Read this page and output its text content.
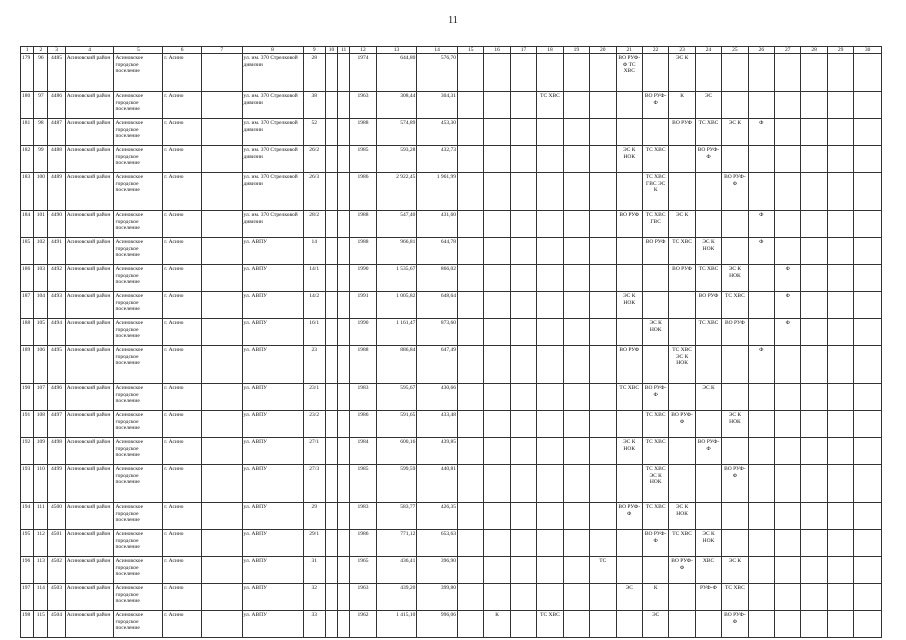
11
1	2	3	4	5	6	7	8	9	10	11	12	13	14	15	16	17	18	19	20	21	22	23	24	25	26	27	28	29	30
179	96	4485	Асиновский район	Асиновское городское поселение	г. Асино		ул. им. 370 Стрелковой дивизии	28			1974	644,80	576,70							ВО РУФ-Ф ТС ХВС		ЭС К							
180	97	4486	Асиновский район	Асиновское городское поселение	г. Асино		ул. им. 370 Стрелковой дивизии	38			1963	308,44	304,31				ТС ХВС				ВО РУФ-Ф	К	ЭС						
181	98	4487	Асиновский район	Асиновское городское поселение	г. Асино		ул. им. 370 Стрелковой дивизии	52			1988	574,89	453,30									ВО РУФ	ТС ХВС	ЭС К	Ф				
182	99	4488	Асиновский район	Асиновское городское поселение	г. Асино		ул. им. 370 Стрелковой дивизии	26/2			1985	593,28	432,73							ЭС К НОК	ТС ХВС		ВО РУФ-Ф						
183	100	4489	Асиновский район	Асиновское городское поселение	г. Асино		ул. им. 370 Стрелковой дивизии	26/3			1986	2 922,45	1 961,99								ТС ХВС ГВС ЭС К			ВО РУФ-Ф					
184	101	4490	Асиновский район	Асиновское городское поселение	г. Асино		ул. им. 370 Стрелковой дивизии	28/2			1988	547,40	431,60							ВО РУФ	ТС ХВС ГВС	ЭС К			Ф				
185	102	4491	Асиновский район	Асиновское городское поселение	г. Асино		ул. АВПУ	14			1988	966,81	644,78								ВО РУФ	ТС ХВС	ЭС К НОК		Ф				
186	103	4492	Асиновский район	Асиновское городское поселение	г. Асино		ул. АВПУ	14/1			1990	1 535,67	866,02									ВО РУФ	ТС ХВС	ЭС К НОК		Ф			
187	104	4493	Асиновский район	Асиновское городское поселение	г. Асино		ул. АВПУ	14/2			1991	1 005,82	648,64							ЭС К НОК			ВО РУФ	ТС ХВС		Ф			
188	105	4494	Асиновский район	Асиновское городское поселение	г. Асино		ул. АВПУ	16/1			1990	1 161,47	873,60								ЭС К НОК		ТС ХВС	ВО РУФ		Ф			
189	106	4495	Асиновский район	Асиновское городское поселение	г. Асино		ул. АВПУ	23			1988	886,84	647,49							ВО РУФ		ТС ХВС ЭС К НОК			Ф				
190	107	4496	Асиновский район	Асиновское городское поселение	г. Асино		ул. АВПУ	23/1			1983	595,67	430,66							ТС ХВС	ВО РУФ-Ф		ЭС К						
191	108	4497	Асиновский район	Асиновское городское поселение	г. Асино		ул. АВПУ	23/2			1986	591,65	433,48								ТС ХВС	ВО РУФ-Ф		ЭС К НОК					
192	109	4498	Асиновский район	Асиновское городское поселение	г. Асино		ул. АВПУ	27/1			1984	600,16	439,85							ЭС К НОК	ТС ХВС		ВО РУФ-Ф						
193	110	4499	Асиновский район	Асиновское городское поселение	г. Асино		ул. АВПУ	27/3			1985	599,59	440,81								ТС ХВС ЭС К НОК			ВО РУФ-Ф					
194	111	4500	Асиновский район	Асиновское городское поселение	г. Асино		ул. АВПУ	29			1983	583,77	426,35							ВО РУФ-Ф	ТС ХВС	ЭС К НОК							
195	112	4501	Асиновский район	Асиновское городское поселение	г. Асино		ул. АВПУ	29/1			1986	771,12	653,63								ВО РУФ-Ф	ТС ХВС	ЭС К НОК						
196	113	4502	Асиновский район	Асиновское городское поселение	г. Асино		ул. АВПУ	31			1965	436,41	396,90						ТС			ВО РУФ-Ф	ХВС	ЭС К					
197	114	4503	Асиновский район	Асиновское городское поселение	г. Асино		ул. АВПУ	32			1963	439,20	399,80							ЭС	К		РУФ-Ф	ТС ХВС					
198	115	4504	Асиновский район	Асиновское городское поселение	г. Асино		ул. АВПУ	33			1962	1 415,10	996,06		К		ТС ХВС				ЭС			ВО РУФ-Ф					
